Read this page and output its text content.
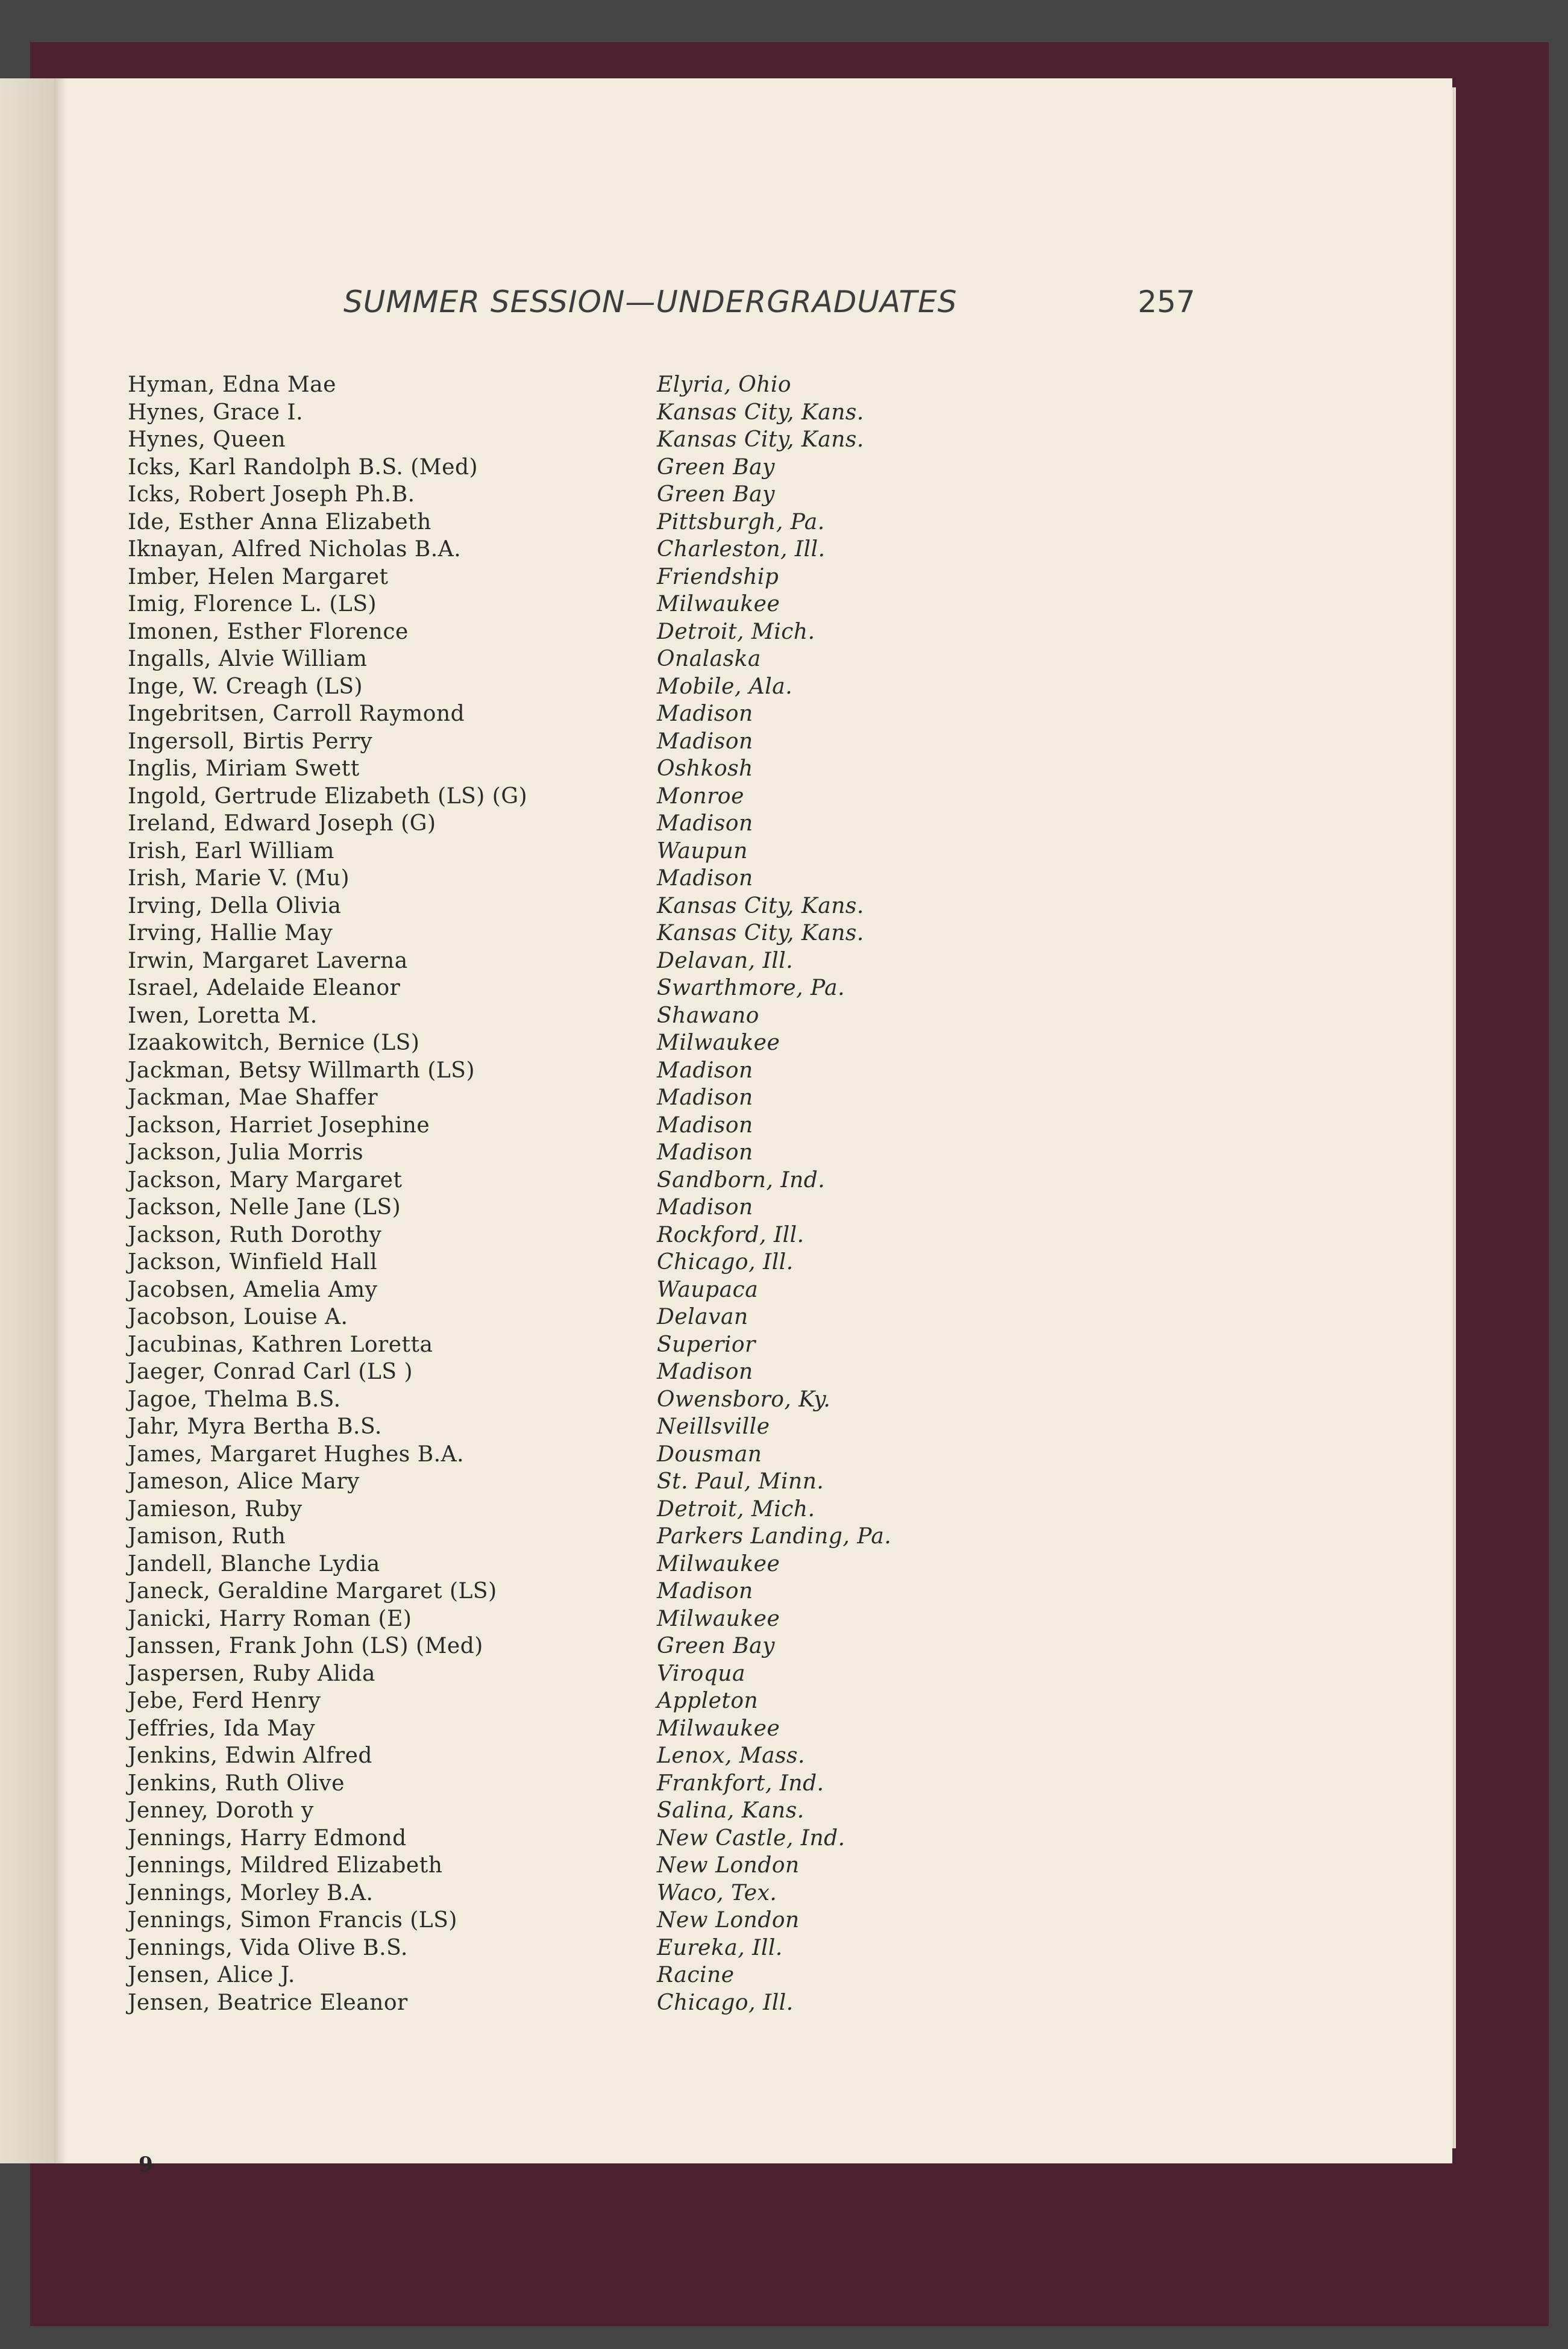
SUMMER SESSION—UNDERGRADUATES	257
Hyman, Edna Mae	Elyria, Ohio
Hynes, Grace I.	Kansas City, Kans.
Hynes, Queen	Kansas City, Kans.
Icks, Karl Randolph B.S. (Med)	Green Bay
Icks, Robert Joseph Ph.B.	Green Bay
Ide, Esther Anna Elizabeth	Pittsburgh, Pa.
Iknayan, Alfred Nicholas B.A.	Charleston, Ill.
Imber, Helen Margaret	Friendship
Imig, Florence L. (LS)	Milwaukee
Imonen, Esther Florence	Detroit, Mich.
Ingalls, Alvie William	Onalaska
Inge, W. Creagh (LS)	Mobile, Ala.
Ingebritsen, Carroll Raymond	Madison
Ingersoll, Birtis Perry	Madison
Inglis, Miriam Swett	Oshkosh
Ingold, Gertrude Elizabeth (LS) (G)	Monroe
Ireland, Edward Joseph (G)	Madison
Irish, Earl William	Waupun
Irish, Marie V. (Mu)	Madison
Irving, Della Olivia	Kansas City, Kans.
Irving, Hallie May	Kansas City, Kans.
Irwin, Margaret Laverna	Delavan, Ill.
Israel, Adelaide Eleanor	Swarthmore, Pa.
Iwen, Loretta M.	Shawano
Izaakowitch, Bernice (LS)	Milwaukee
Jackman, Betsy Willmarth (LS)	Madison
Jackman, Mae Shaffer	Madison
Jackson, Harriet Josephine	Madison
Jackson, Julia Morris	Madison
Jackson, Mary Margaret	Sandborn, Ind.
Jackson, Nelle Jane (LS)	Madison
Jackson, Ruth Dorothy	Rockford, Ill.
Jackson, Winfield Hall	Chicago, Ill.
Jacobsen, Amelia Amy	Waupaca
Jacobson, Louise A.	Delavan
Jacubinas, Kathren Loretta	Superior
Jaeger, Conrad Carl (LS )	Madison
Jagoe, Thelma B.S.	Owensboro, Ky.
Jahr, Myra Bertha B.S.	Neillsville
James, Margaret Hughes B.A.	Dousman
Jameson, Alice Mary	St. Paul, Minn.
Jamieson, Ruby	Detroit, Mich.
Jamison, Ruth	Parkers Landing, Pa.
Jandell, Blanche Lydia	Milwaukee
Janeck, Geraldine Margaret (LS)	Madison
Janicki, Harry Roman (E)	Milwaukee
Janssen, Frank John (LS) (Med)	Green Bay
Jaspersen, Ruby Alida	Viroqua
Jebe, Ferd Henry	Appleton
Jeffries, Ida May	Milwaukee
Jenkins, Edwin Alfred	Lenox, Mass.
Jenkins, Ruth Olive	Frankfort, Ind.
Jenney, Doroth y	Salina, Kans.
Jennings, Harry Edmond	New Castle, Ind.
Jennings, Mildred Elizabeth	New London
Jennings, Morley B.A.	Waco, Tex.
Jennings, Simon Francis (LS)	New London
Jennings, Vida Olive B.S.	Eureka, Ill.
Jensen, Alice J.	Racine
Jensen, Beatrice Eleanor	Chicago, Ill.
9
